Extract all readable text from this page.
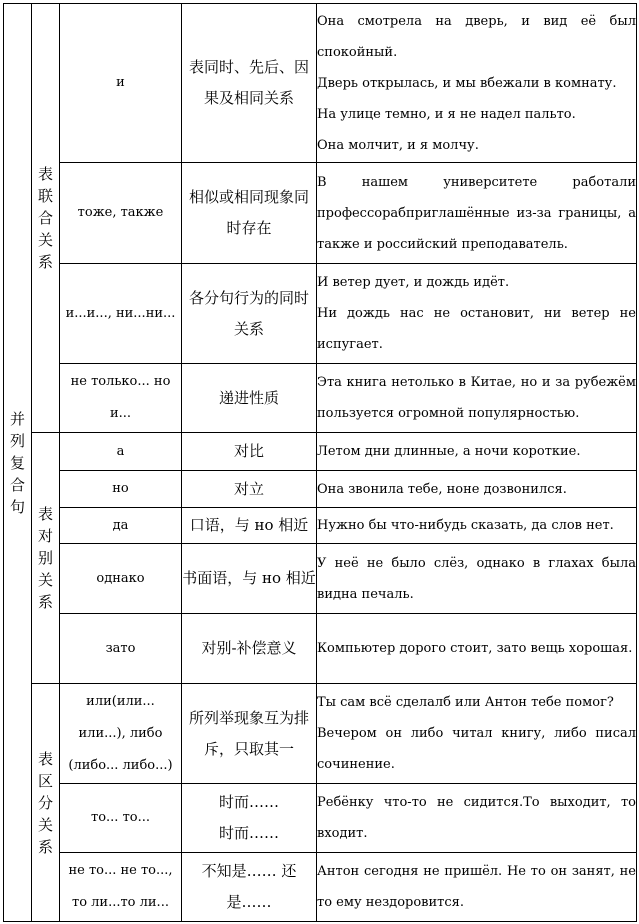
并列复合句	表联合关系	и	表同时、先后、因果及相同关系	Она смотрела на дверь, и вид её был спокойный.
Дверь открылась, и мы вбежали в комнату.
На улице темно, и я не надел пальто.
Она молчит, и я молчу.

		тоже, также	相似或相同现象同时存在	В нашем университете работали профессорабприглашённые из-за границы, а также и российский преподаватель.

		и...и..., ни...ни...	各分句行为的同时关系	И ветер дует, и дождь идёт.
Ни дождь нас не остановит, ни ветер не испугает.

		не только... но и...	递进性质	Эта книга нетолько в Китае, но и за рубежём пользуется огромной популярностью.

	表对别关系	а	对比	Летом дни длинные, а ночи короткие.

		но	对立	Она звонила тебе, ноне дозвонился.

		да	口语，与 но 相近	Нужно бы что-нибудь сказать, да слов нет.

		однако	书面语，与 но 相近	У неё не было слёз, однако в глахах была видна печаль.

		зато	对别-补偿意义	Компьютер дорого стоит, зато вещь хорошая.

	表区分关系	или(или... или...), либо (либо... либо...)	所列举现象互为排斥，只取其一	Ты сам всё сделалб или Антон тебе помог?
Вечером он либо читал книгу, либо писал сочинение.

		то... то...	时而…… 时而……	Ребёнку что-то не сидится.То выходит, то входит.

		не то... не то..., то ли...то ли...	不知是…… 还是……	Антон сегодня не пришёл. Не то он занят, не то ему нездоровится.
